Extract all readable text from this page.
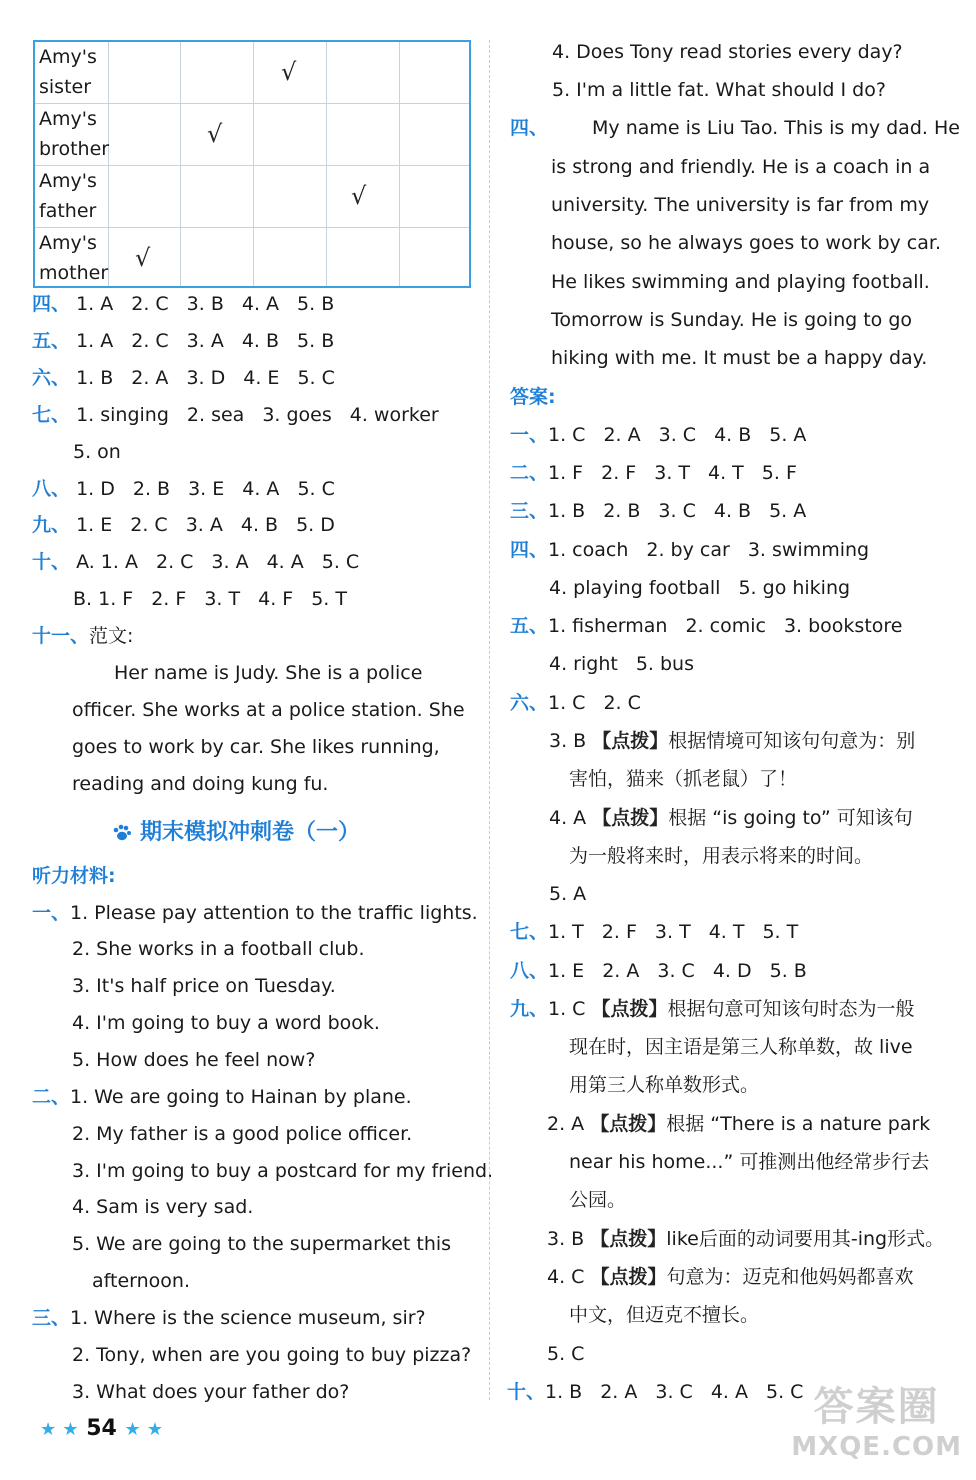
Amy's
sister
Amy's
brother
Amy's
father
Amy's
mother
√
√
√
√
四、 1. A 2. C 3. B 4. A 5. B
五、 1. A 2. C 3. A 4. B 5. B
六、 1. B 2. A 3. D 4. E 5. C
七、 1. singing 2. sea 3. goes 4. worker
5. on
八、 1. D 2. B 3. E 4. A 5. C
九、 1. E 2. C 3. A 4. B 5. D
十、 A. 1. A 2. C 3. A 4. A 5. C
B. 1. F 2. F 3. T 4. F 5. T
十一、范文:
Her name is Judy. She is a police
officer. She works at a police station. She
goes to work by car. She likes running,
reading and doing kung fu.
期末模拟冲刺卷（一）
听力材料:
一、1. Please pay attention to the traffic lights.
2. She works in a football club.
3. It's half price on Tuesday.
4. I'm going to buy a word book.
5. How does he feel now?
二、1. We are going to Hainan by plane.
2. My father is a good police officer.
3. I'm going to buy a postcard for my friend.
4. Sam is very sad.
5. We are going to the supermarket this
afternoon.
三、1. Where is the science museum, sir?
2. Tony, when are you going to buy pizza?
3. What does your father do?
4. Does Tony read stories every day?
5. I'm a little fat. What should I do?
四、 My name is Liu Tao. This is my dad. He
is strong and friendly. He is a coach in a
university. The university is far from my
house, so he always goes to work by car.
He likes swimming and playing football.
Tomorrow is Sunday. He is going to go
hiking with me. It must be a happy day.
答案:
一、1. C 2. A 3. C 4. B 5. A
二、1. F 2. F 3. T 4. T 5. F
三、1. B 2. B 3. C 4. B 5. A
四、1. coach 2. by car 3. swimming
4. playing football 5. go hiking
五、1. fisherman 2. comic 3. bookstore
4. right 5. bus
六、1. C 2. C
3. B 【点拨】根据情境可知该句句意为：别
害怕，猫来（抓老鼠）了！
4. A 【点拨】根据 “is going to” 可知该句
为一般将来时，用表示将来的时间。
5. A
七、1. T 2. F 3. T 4. T 5. T
八、1. E 2. A 3. C 4. D 5. B
九、1. C 【点拨】根据句意可知该句时态为一般
现在时，因主语是第三人称单数，故 live
用第三人称单数形式。
2. A 【点拨】根据 “There is a nature park
near his home...” 可推测出他经常步行去
公园。
3. B 【点拨】like后面的动词要用其-ing形式。
4. C 【点拨】句意为：迈克和他妈妈都喜欢
中文，但迈克不擅长。
5. C
十、1. B 2. A 3. C 4. A 5. C
★ ★ 54 ★ ★	答案圈
MXQE.COM
